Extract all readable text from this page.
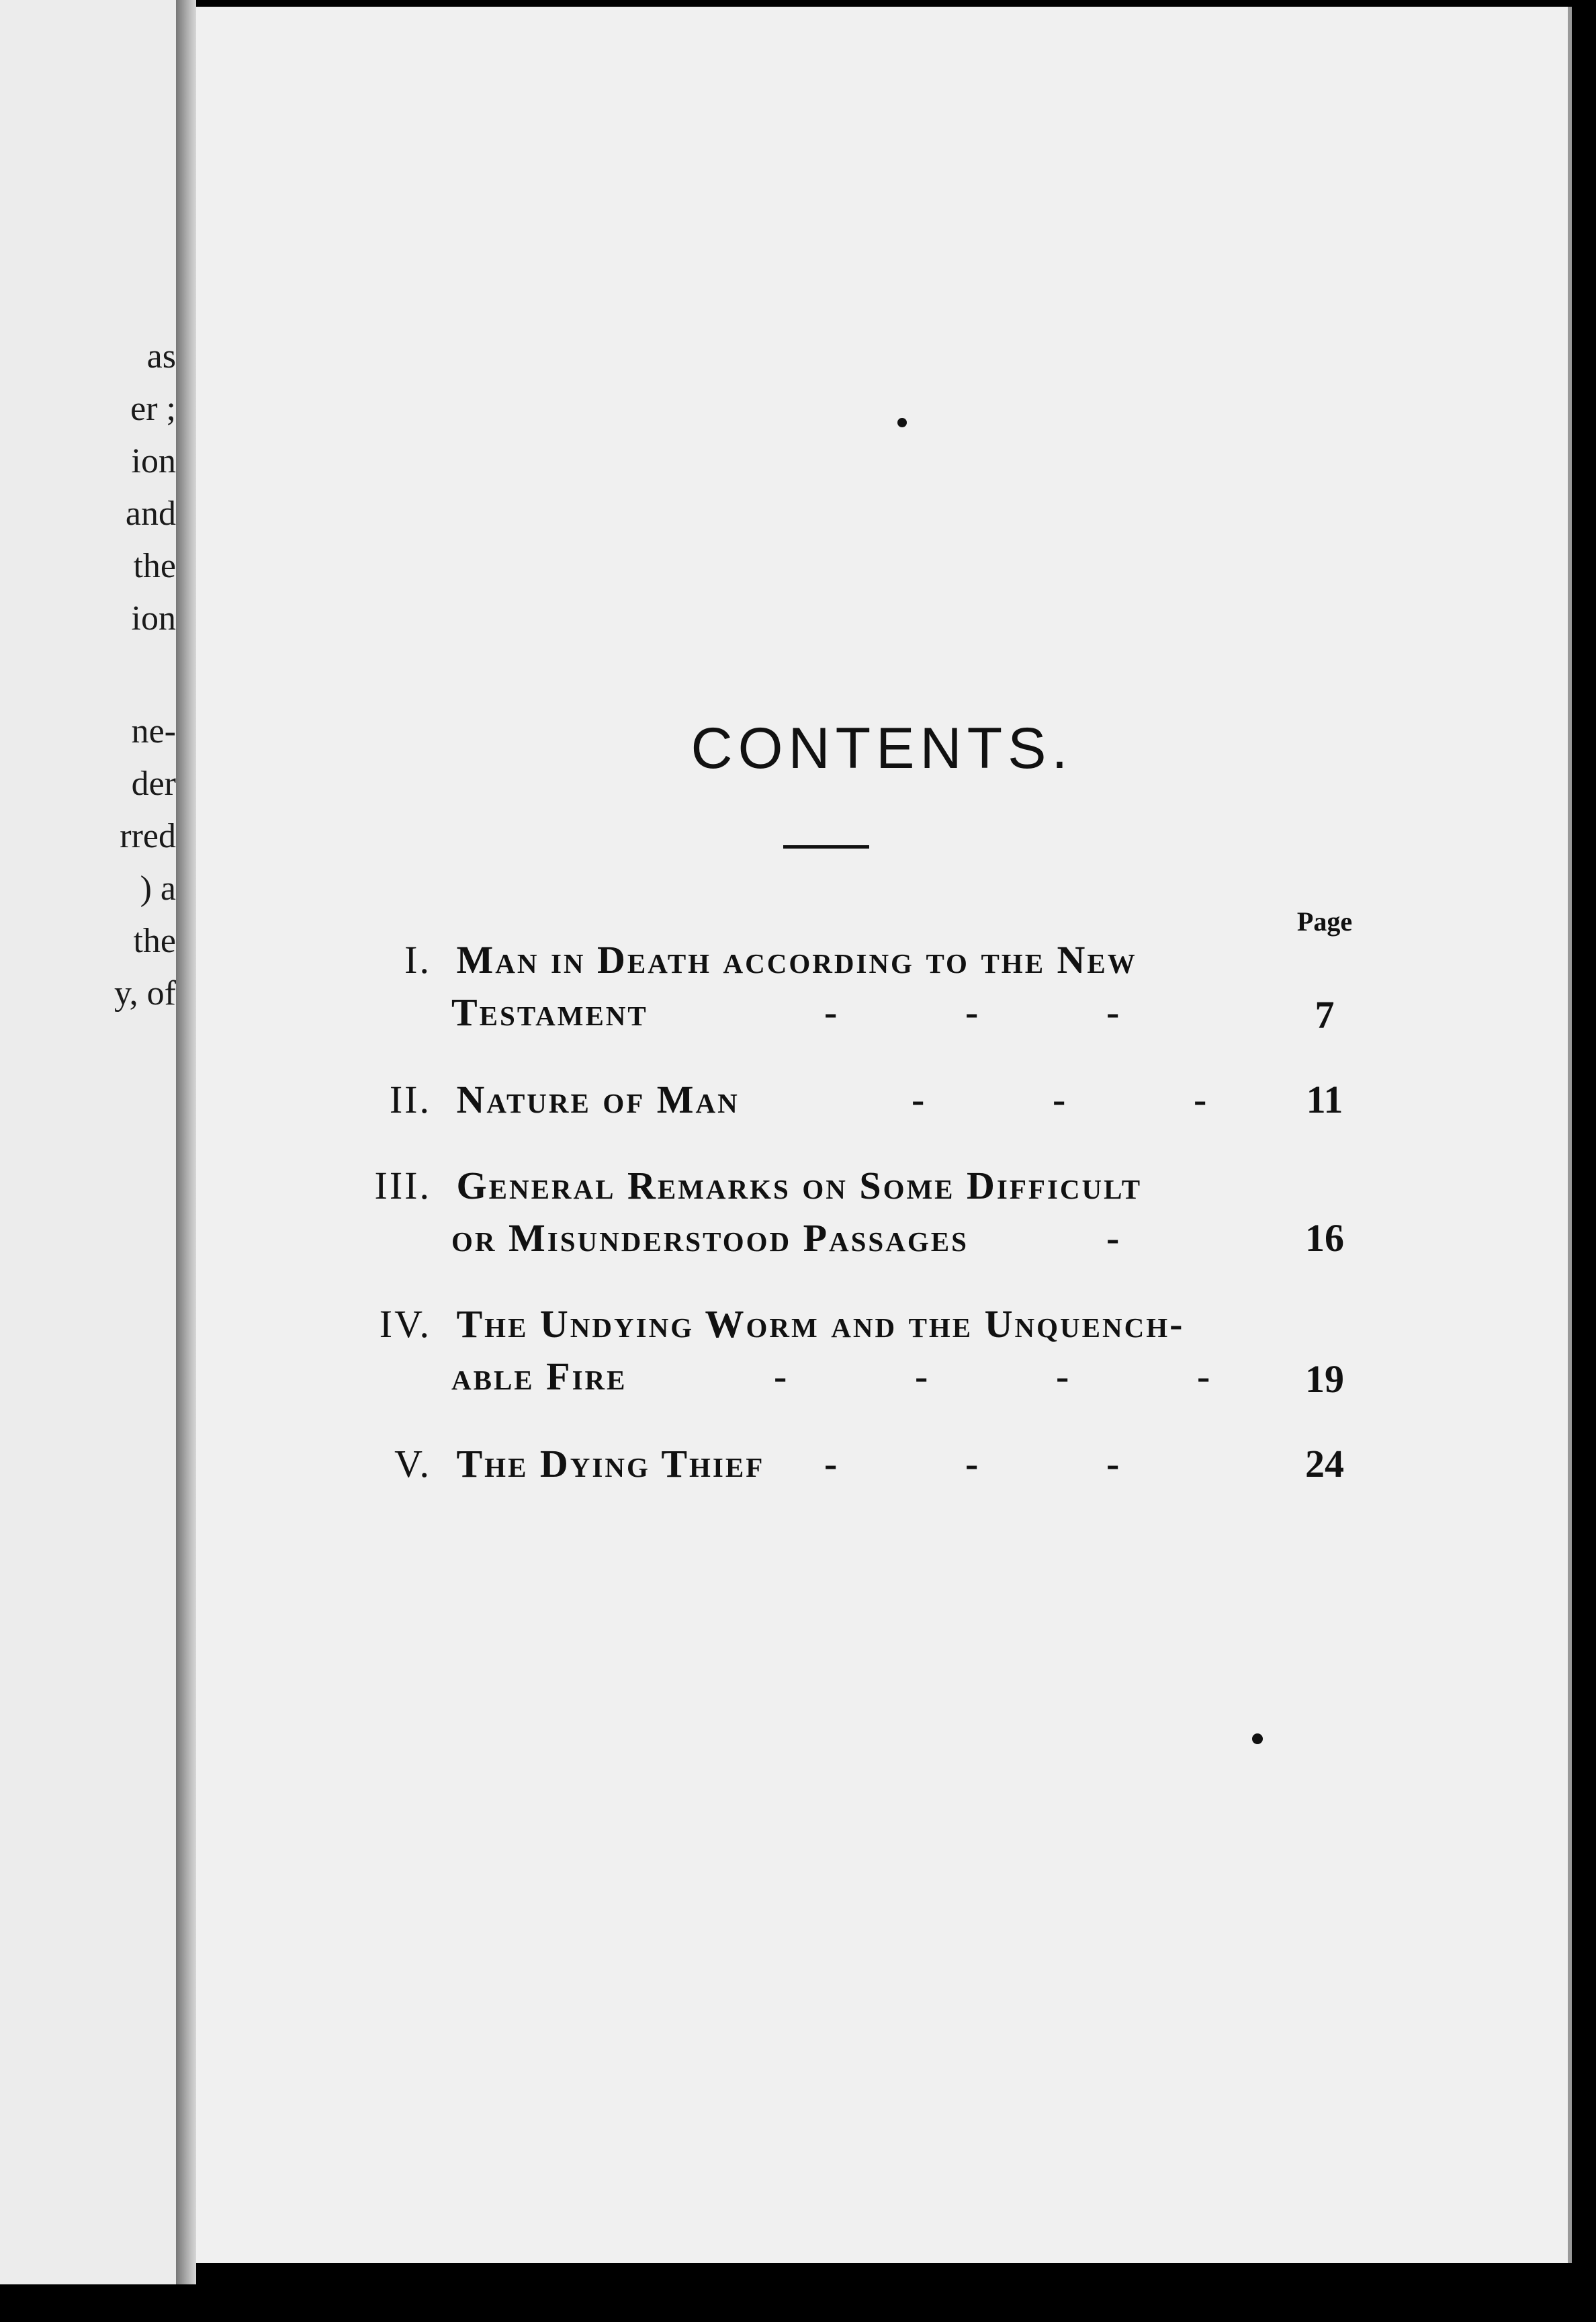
as
er ;
ion
and
the
ion
ne-
der
rred
) a
the
y, of
CONTENTS.
Page
I. Man in Death according to the New
Testament	-	-	-	7
II. Nature of Man	-	-	-	11
III. General Remarks on Some Difficult
or Misunderstood Passages	-	16
IV. The Undying Worm and the Unquench-
able Fire	-	-	-	-	19
V. The Dying Thief -	-	-	24
